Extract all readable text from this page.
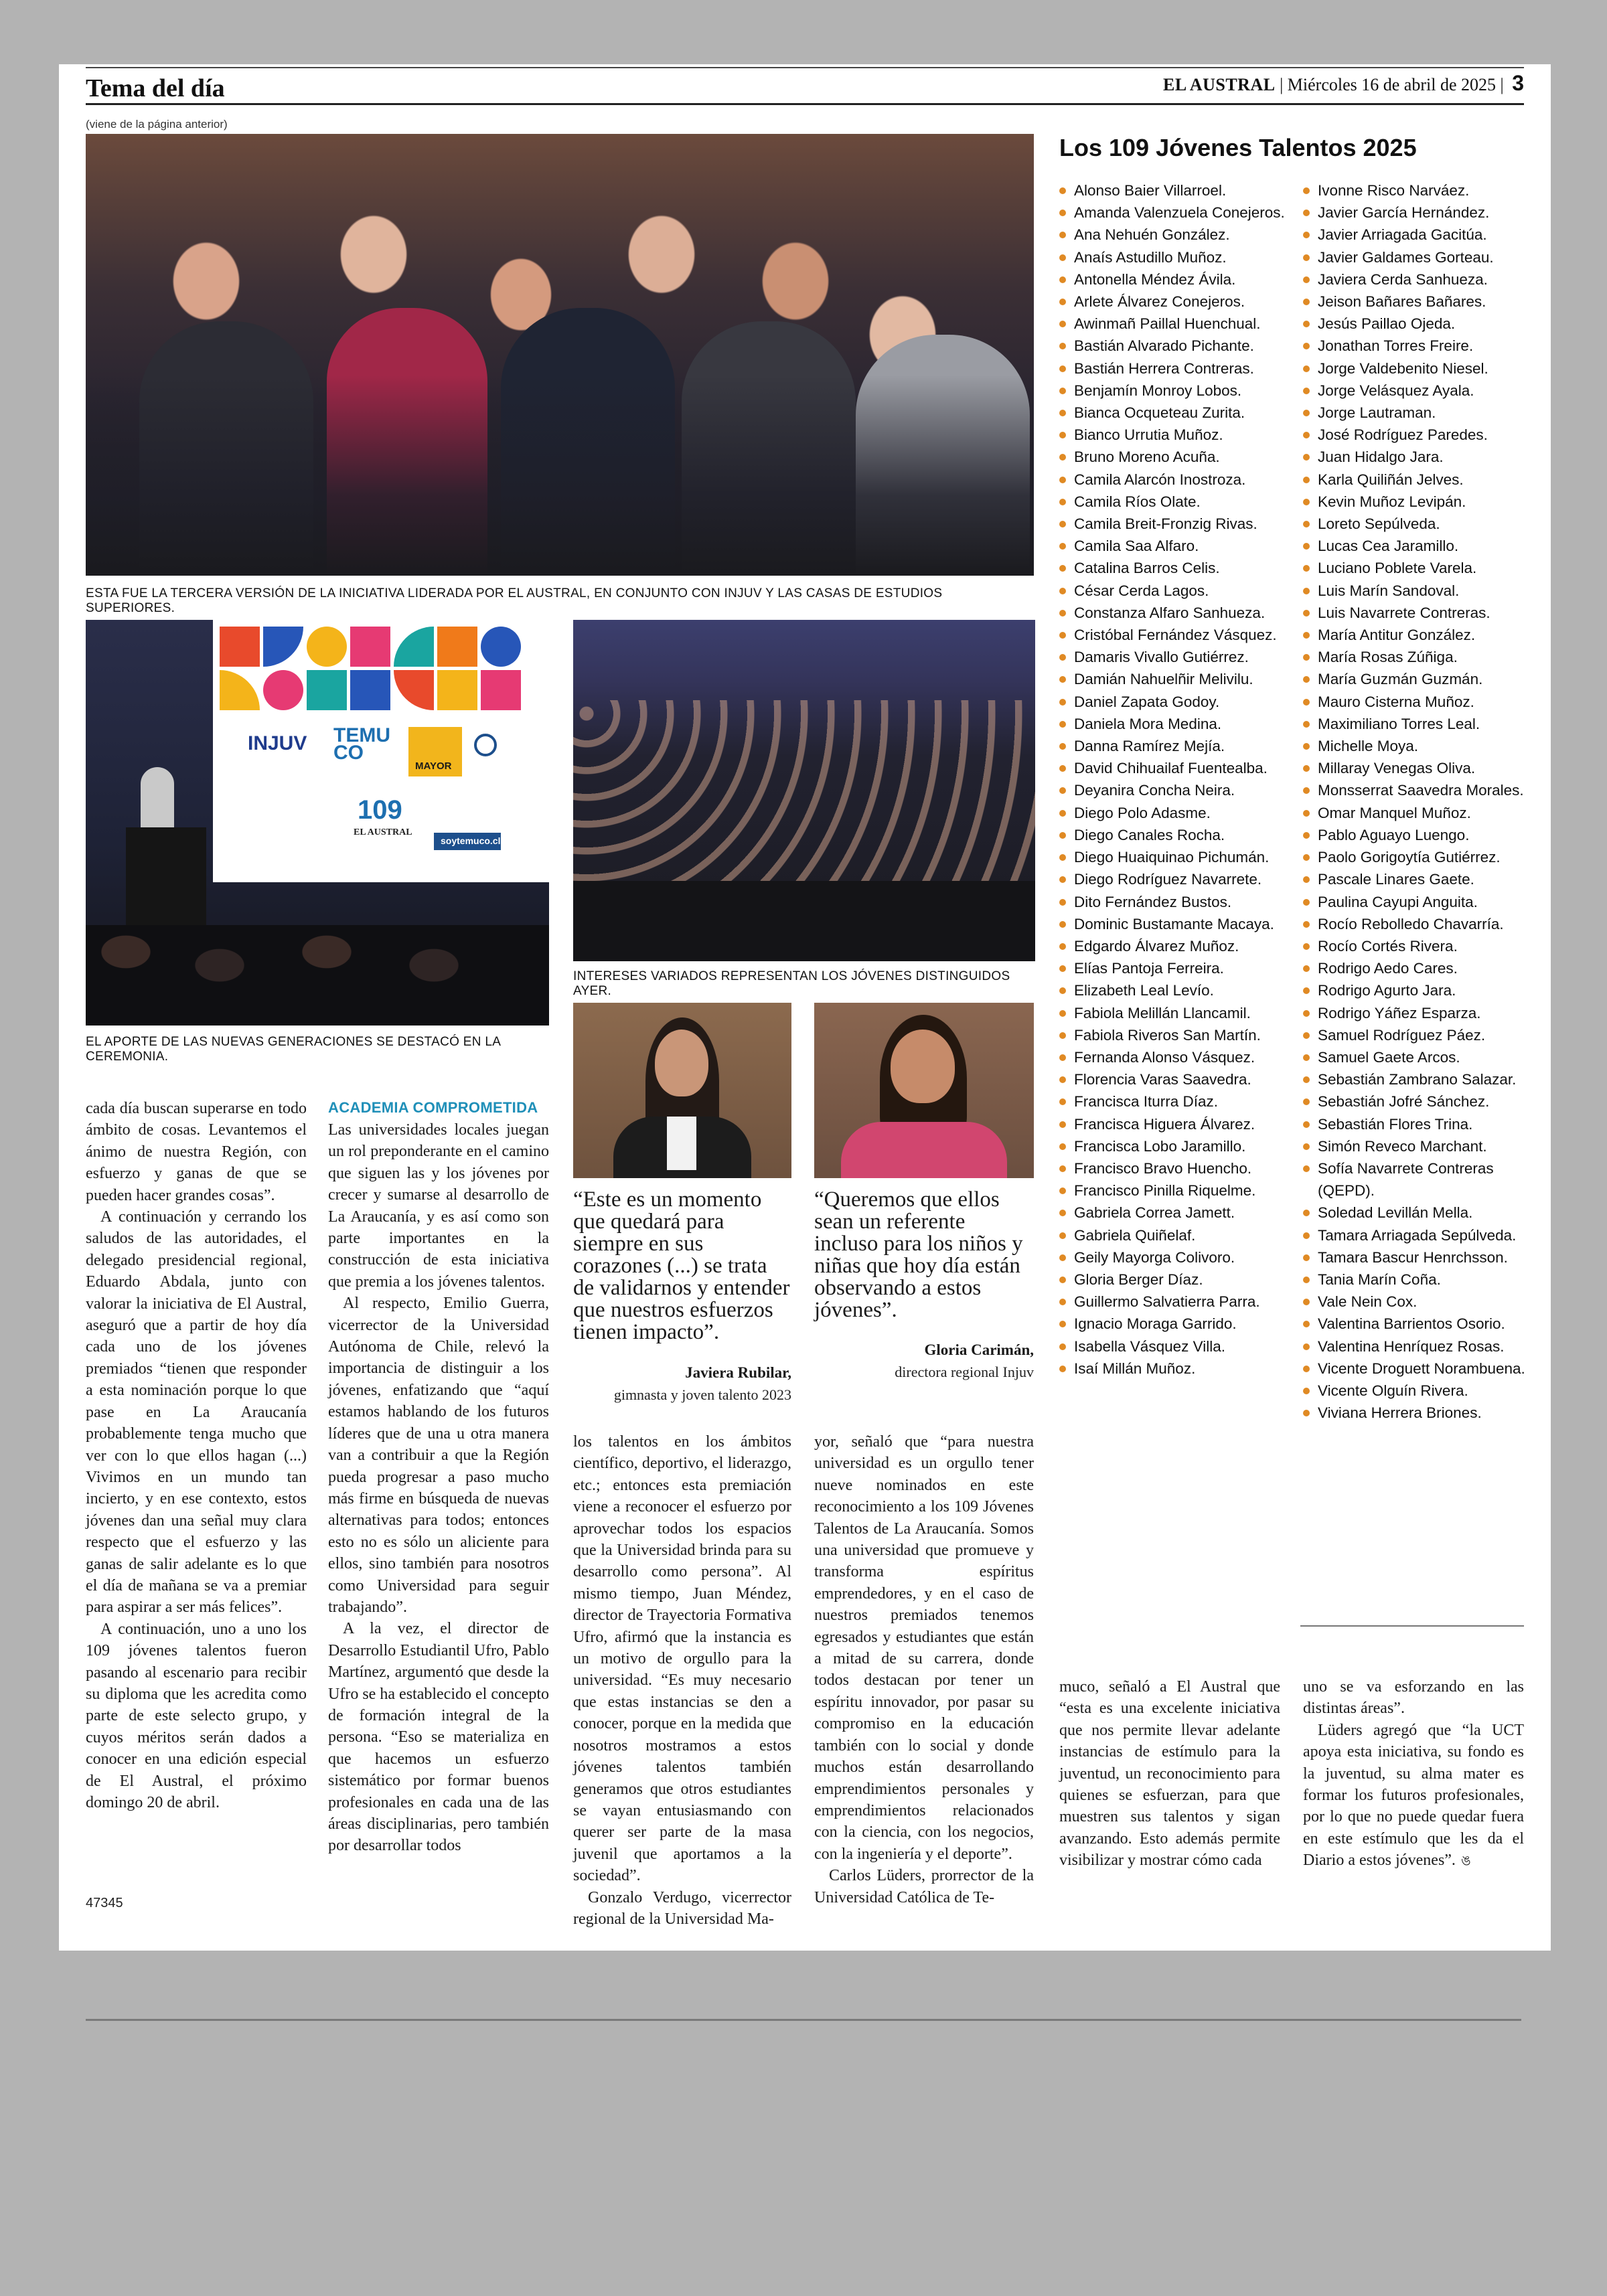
Tema del día	EL AUSTRAL | Miércoles 16 de abril de 2025 | 3
(viene de la página anterior)
ESTA FUE LA TERCERA VERSIÓN DE LA INICIATIVA LIDERADA POR EL AUSTRAL, EN CONJUNTO CON INJUV Y LAS CASAS DE ESTUDIOS SUPERIORES.
INJUV TEMU CO
MAYOR
109
EL AUSTRAL
soytemuco.cl
EL APORTE DE LAS NUEVAS GENERACIONES SE DESTACÓ EN LA CEREMONIA.
INTERESES VARIADOS REPRESENTAN LOS JÓVENES DISTINGUIDOS AYER.
“Este es un momento que quedará para siempre en sus corazones (...) se trata de validarnos y entender que nuestros esfuerzos tienen impacto”.
Javiera Rubilar,
gimnasta y joven talento 2023
“Queremos que ellos sean un referente incluso para los niños y niñas que hoy día están observando a estos jóvenes”.
Gloria Carimán,
directora regional Injuv

cada día buscan superarse en todo ámbito de cosas. Levantemos el ánimo de nuestra Región, con esfuerzo y ganas de que se pueden hacer grandes cosas”.

A continuación y cerrando los saludos de las autoridades, el delegado presidencial regional, Eduardo Abdala, junto con valorar la iniciativa de El Austral, aseguró que a partir de hoy día cada uno de los jóvenes premiados “tienen que responder a esta nominación porque lo que pase en La Araucanía probablemente tenga mucho que ver con lo que ellos hagan (...) Vivimos en un mundo tan incierto, y en ese contexto, estos jóvenes dan una señal muy clara respecto que el esfuerzo y las ganas de salir adelante es lo que el día de mañana se va a premiar para aspirar a ser más felices”.

A continuación, uno a uno los 109 jóvenes talentos fueron pasando al escenario para recibir su diploma que les acredita como parte de este selecto grupo, y cuyos méritos serán dados a conocer en una edición especial de El Austral, el próximo domingo 20 de abril.

ACADEMIA COMPROMETIDA

Las universidades locales juegan un rol preponderante en el camino que siguen las y los jóvenes por crecer y sumarse al desarrollo de La Araucanía, y es así como son parte importantes en la construcción de esta iniciativa que premia a los jóvenes talentos.

Al respecto, Emilio Guerra, vicerrector de la Universidad Autónoma de Chile, relevó la importancia de distinguir a los jóvenes, enfatizando que “aquí estamos hablando de los futuros líderes que de una u otra manera van a contribuir a que la Región pueda progresar a paso mucho más firme en búsqueda de nuevas alternativas para todos; entonces esto no es sólo un aliciente para ellos, sino también para nosotros como Universidad para seguir trabajando”.

A la vez, el director de Desarrollo Estudiantil Ufro, Pablo Martínez, argumentó que desde la Ufro se ha establecido el concepto de formación integral de la persona. “Eso se materializa en que hacemos un esfuerzo sistemático por formar buenos profesionales en cada una de las áreas disciplinarias, pero también por desarrollar todos

los talentos en los ámbitos científico, deportivo, el liderazgo, etc.; entonces esta premiación viene a reconocer el esfuerzo por aprovechar todos los espacios que la Universidad brinda para su desarrollo como persona”. Al mismo tiempo, Juan Méndez, director de Trayectoria Formativa Ufro, afirmó que la instancia es un motivo de orgullo para la universidad. “Es muy necesario que estas instancias se den a conocer, porque en la medida que nosotros mostramos a estos jóvenes talentos también generamos que otros estudiantes se vayan entusiasmando con querer ser parte de la masa juvenil que aportamos a la sociedad”.

Gonzalo Verdugo, vicerrector regional de la Universidad Ma-

yor, señaló que “para nuestra universidad es un orgullo tener nueve nominados en este reconocimiento a los 109 Jóvenes Talentos de La Araucanía. Somos una universidad que promueve y transforma espíritus emprendedores, y en el caso de nuestros premiados tenemos egresados y estudiantes que están a mitad de su carrera, donde todos destacan por tener un espíritu innovador, por pasar su compromiso en la educación también con lo social y donde muchos están desarrollando emprendimientos personales y emprendimientos relacionados con la ciencia, con los negocios, con la ingeniería y el deporte”.

Carlos Lüders, prorrector de la Universidad Católica de Te-

muco, señaló a El Austral que “esta es una excelente iniciativa que nos permite llevar adelante instancias de estímulo para la juventud, un reconocimiento para quienes se esfuerzan, para que muestren sus talentos y sigan avanzando. Esto además permite visibilizar y mostrar cómo cada

uno se va esforzando en las distintas áreas”.

Lüders agregó que “la UCT apoya esta iniciativa, su fondo es la juventud, su alma mater es formar los futuros profesionales, por lo que no puede quedar fuera en este estímulo que les da el Diario a estos jóvenes”. ঙ

Los 109 Jóvenes Talentos 2025
Alonso Baier Villarroel.
Amanda Valenzuela Conejeros.
Ana Nehuén González.
Anaís Astudillo Muñoz.
Antonella Méndez Ávila.
Arlete Álvarez Conejeros.
Awinmañ Paillal Huenchual.
Bastián Alvarado Pichante.
Bastián Herrera Contreras.
Benjamín Monroy Lobos.
Bianca Ocqueteau Zurita.
Bianco Urrutia Muñoz.
Bruno Moreno Acuña.
Camila Alarcón Inostroza.
Camila Ríos Olate.
Camila Breit-Fronzig Rivas.
Camila Saa Alfaro.
Catalina Barros Celis.
César Cerda Lagos.
Constanza Alfaro Sanhueza.
Cristóbal Fernández Vásquez.
Damaris Vivallo Gutiérrez.
Damián Nahuelñir Melivilu.
Daniel Zapata Godoy.
Daniela Mora Medina.
Danna Ramírez Mejía.
David Chihuailaf Fuentealba.
Deyanira Concha Neira.
Diego Polo Adasme.
Diego Canales Rocha.
Diego Huaiquinao Pichumán.
Diego Rodríguez Navarrete.
Dito Fernández Bustos.
Dominic Bustamante Macaya.
Edgardo Álvarez Muñoz.
Elías Pantoja Ferreira.
Elizabeth Leal Levío.
Fabiola Melillán Llancamil.
Fabiola Riveros San Martín.
Fernanda Alonso Vásquez.
Florencia Varas Saavedra.
Francisca Iturra Díaz.
Francisca Higuera Álvarez.
Francisca Lobo Jaramillo.
Francisco Bravo Huencho.
Francisco Pinilla Riquelme.
Gabriela Correa Jamett.
Gabriela Quiñelaf.
Geily Mayorga Colivoro.
Gloria Berger Díaz.
Guillermo Salvatierra Parra.
Ignacio Moraga Garrido.
Isabella Vásquez Villa.
Isaí Millán Muñoz.
Ivonne Risco Narváez.
Javier García Hernández.
Javier Arriagada Gacitúa.
Javier Galdames Gorteau.
Javiera Cerda Sanhueza.
Jeison Bañares Bañares.
Jesús Paillao Ojeda.
Jonathan Torres Freire.
Jorge Valdebenito Niesel.
Jorge Velásquez Ayala.
Jorge Lautraman.
José Rodríguez Paredes.
Juan Hidalgo Jara.
Karla Quiliñán Jelves.
Kevin Muñoz Levipán.
Loreto Sepúlveda.
Lucas Cea Jaramillo.
Luciano Poblete Varela.
Luis Marín Sandoval.
Luis Navarrete Contreras.
María Antitur González.
María Rosas Zúñiga.
María Guzmán Guzmán.
Mauro Cisterna Muñoz.
Maximiliano Torres Leal.
Michelle Moya.
Millaray Venegas Oliva.
Monsserrat Saavedra Morales.
Omar Manquel Muñoz.
Pablo Aguayo Luengo.
Paolo Gorigoytía Gutiérrez.
Pascale Linares Gaete.
Paulina Cayupi Anguita.
Rocío Rebolledo Chavarría.
Rocío Cortés Rivera.
Rodrigo Aedo Cares.
Rodrigo Agurto Jara.
Rodrigo Yáñez Esparza.
Samuel Rodríguez Páez.
Samuel Gaete Arcos.
Sebastián Zambrano Salazar.
Sebastián Jofré Sánchez.
Sebastián Flores Trina.
Simón Reveco Marchant.
Sofía Navarrete Contreras (QEPD).
Soledad Levillán Mella.
Tamara Arriagada Sepúlveda.
Tamara Bascur Henrchsson.
Tania Marín Coña.
Vale Nein Cox.
Valentina Barrientos Osorio.
Valentina Henríquez Rosas.
Vicente Droguett Norambuena.
Vicente Olguín Rivera.
Viviana Herrera Briones.
47345
